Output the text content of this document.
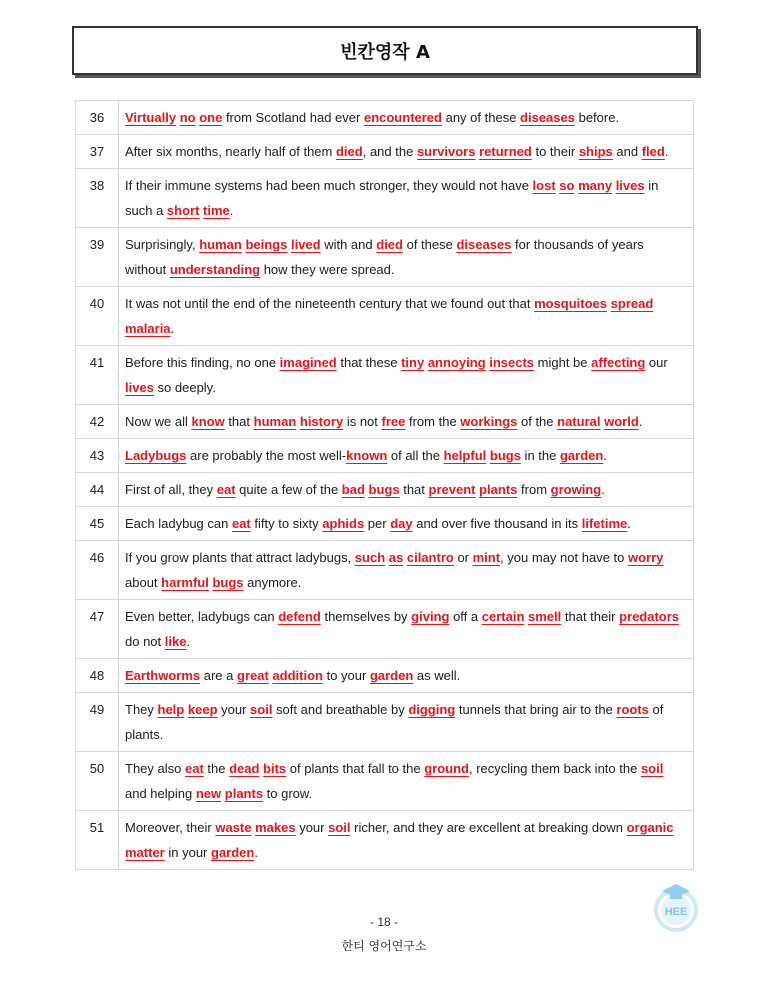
빈칸영작 A
36	Virtually no one from Scotland had ever encountered any of these diseases before.
37	After six months, nearly half of them died, and the survivors returned to their ships and fled.
38	If their immune systems had been much stronger, they would not have lost so many lives in such a short time.
39	Surprisingly, human beings lived with and died of these diseases for thousands of years without understanding how they were spread.
40	It was not until the end of the nineteenth century that we found out that mosquitoes spread malaria.
41	Before this finding, no one imagined that these tiny annoying insects might be affecting our lives so deeply.
42	Now we all know that human history is not free from the workings of the natural world.
43	Ladybugs are probably the most well-known of all the helpful bugs in the garden.
44	First of all, they eat quite a few of the bad bugs that prevent plants from growing.
45	Each ladybug can eat fifty to sixty aphids per day and over five thousand in its lifetime.
46	If you grow plants that attract ladybugs, such as cilantro or mint, you may not have to worry about harmful bugs anymore.
47	Even better, ladybugs can defend themselves by giving off a certain smell that their predators do not like.
48	Earthworms are a great addition to your garden as well.
49	They help keep your soil soft and breathable by digging tunnels that bring air to the roots of plants.
50	They also eat the dead bits of plants that fall to the ground, recycling them back into the soil and helping new plants to grow.
51	Moreover, their waste makes your soil richer, and they are excellent at breaking down organic matter in your garden.
- 18 -
한티 영어연구소
HEE
